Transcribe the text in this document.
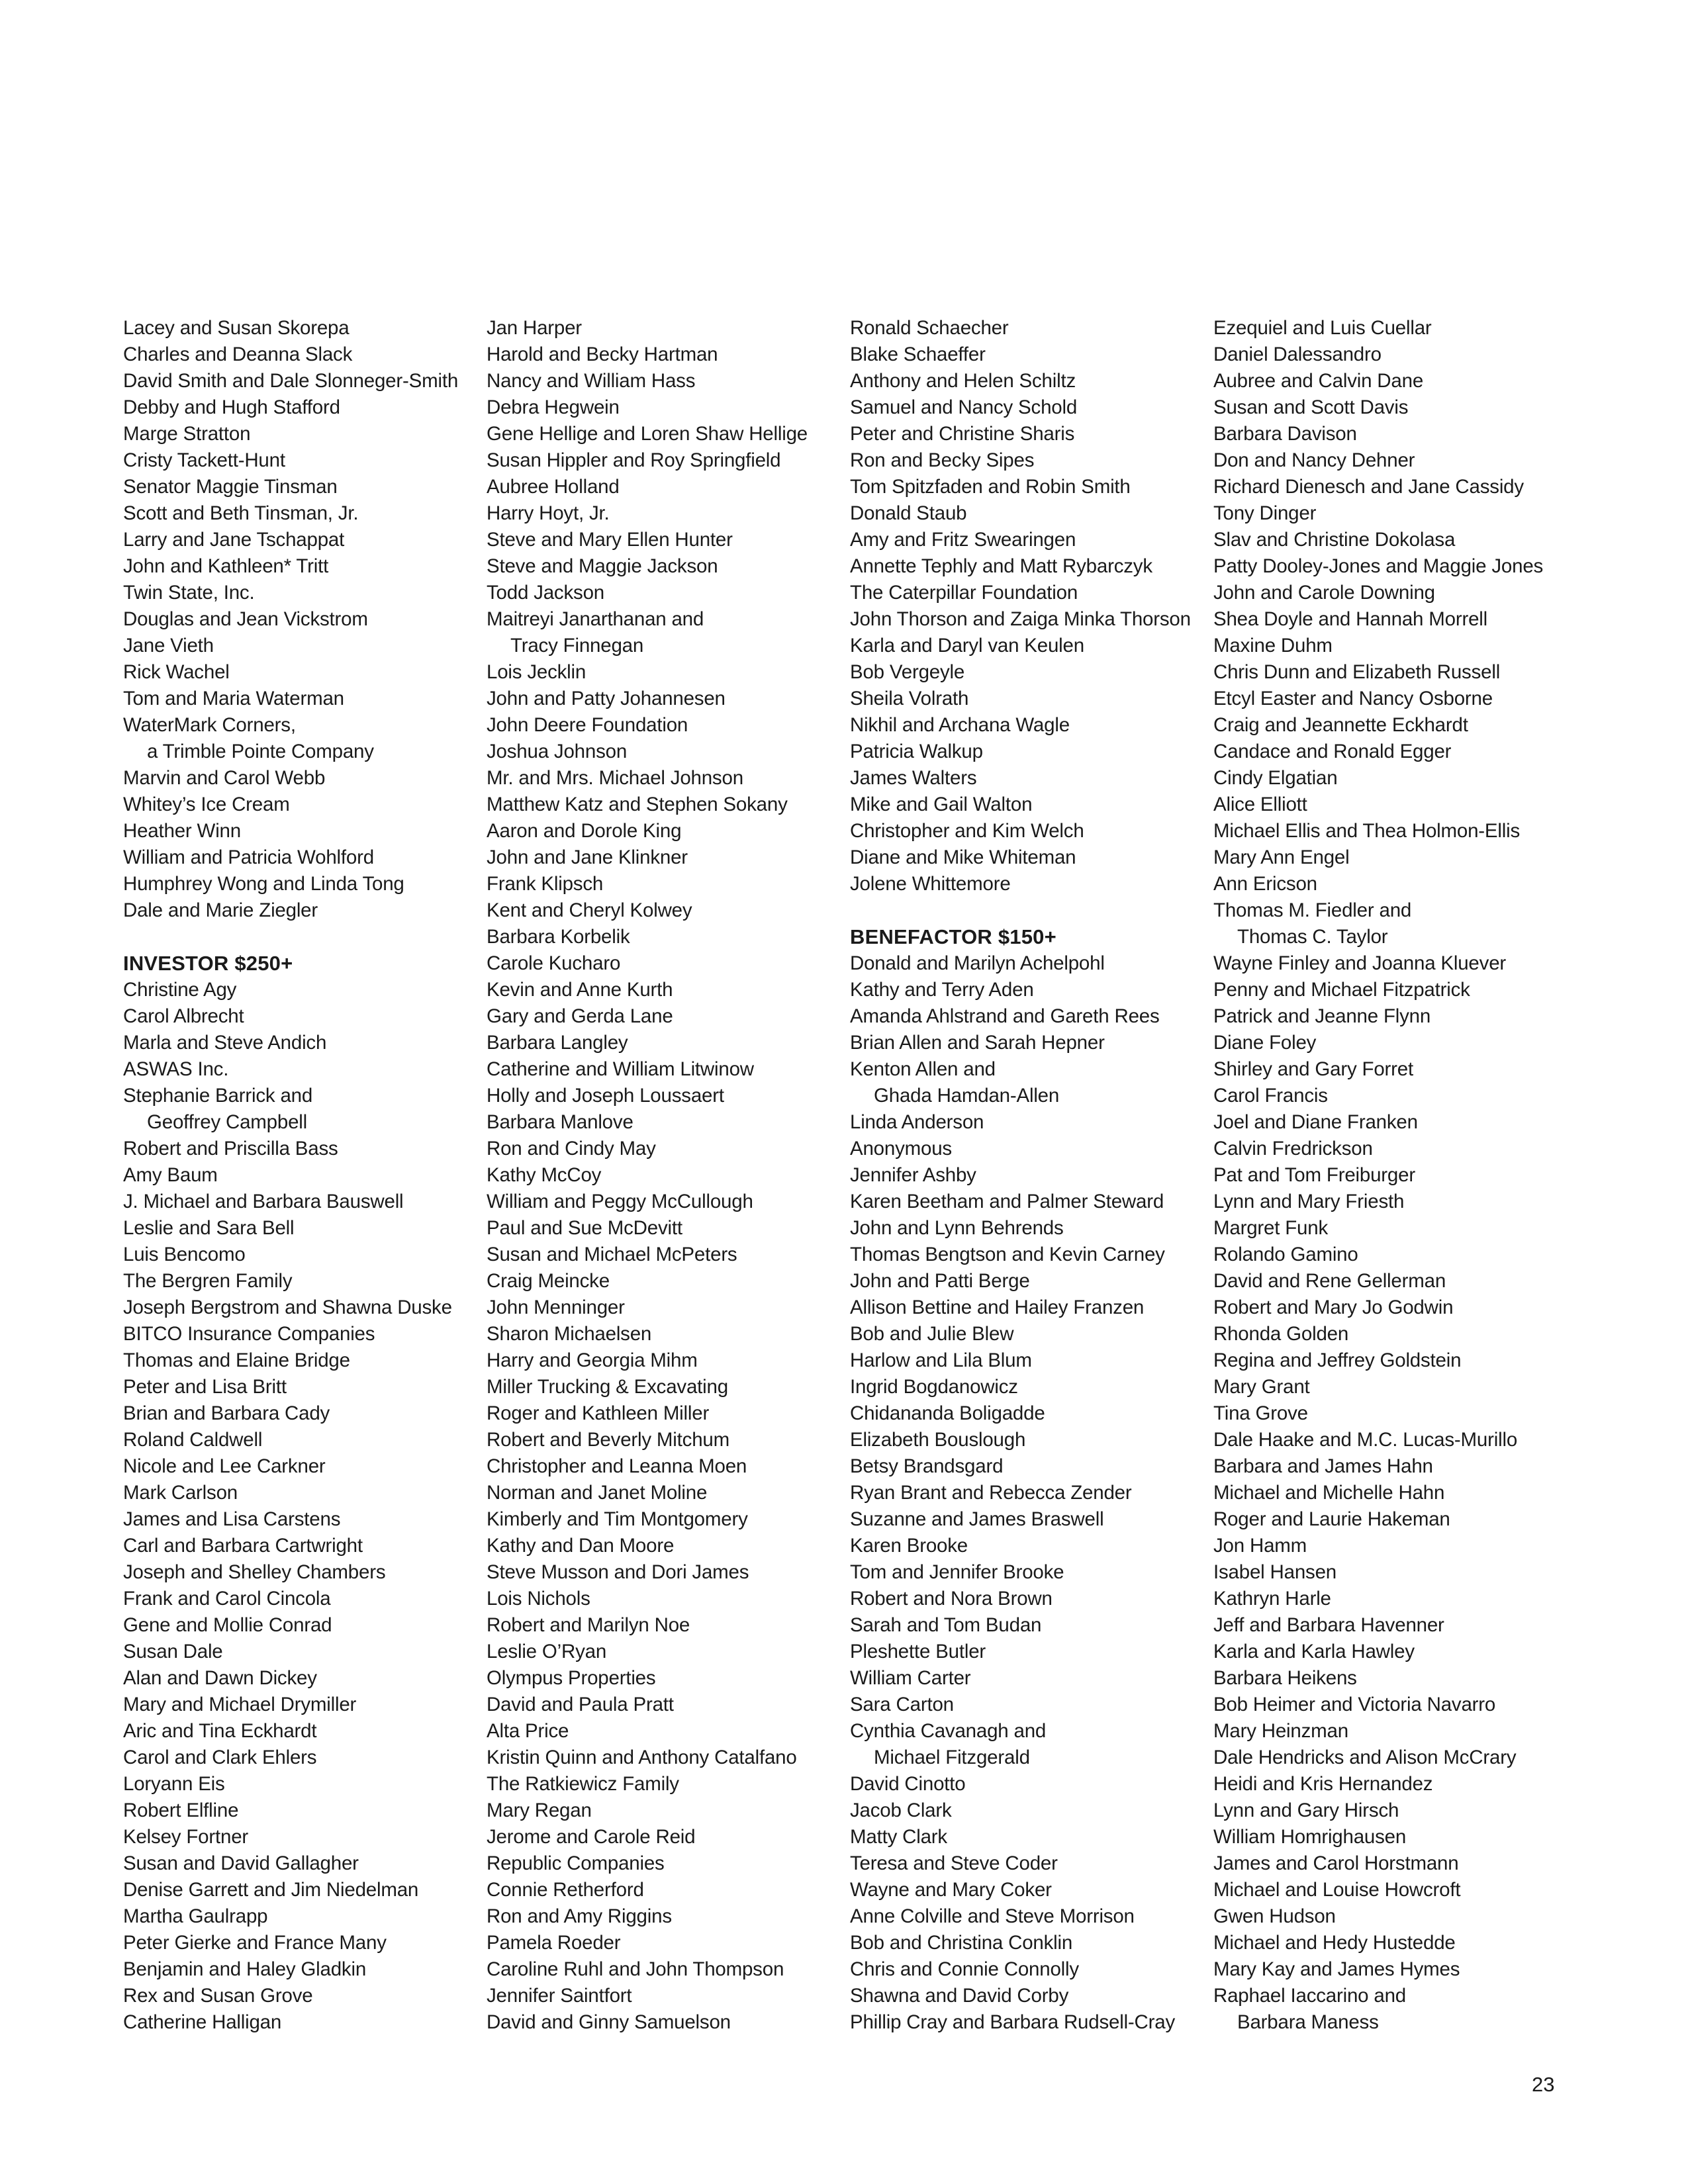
Lacey and Susan Skorepa
Charles and Deanna Slack
David Smith and Dale Slonneger-Smith
Debby and Hugh Stafford
Marge Stratton
Cristy Tackett-Hunt
Senator Maggie Tinsman
Scott and Beth Tinsman, Jr.
Larry and Jane Tschappat
John and Kathleen* Tritt
Twin State, Inc.
Douglas and Jean Vickstrom
Jane Vieth
Rick Wachel
Tom and Maria Waterman
WaterMark Corners,
a Trimble Pointe Company
Marvin and Carol Webb
Whitey’s Ice Cream
Heather Winn
William and Patricia Wohlford
Humphrey Wong and Linda Tong
Dale and Marie Ziegler
INVESTOR $250+
Christine Agy
Carol Albrecht
Marla and Steve Andich
ASWAS Inc.
Stephanie Barrick and
Geoffrey Campbell
Robert and Priscilla Bass
Amy Baum
J. Michael and Barbara Bauswell
Leslie and Sara Bell
Luis Bencomo
The Bergren Family
Joseph Bergstrom and Shawna Duske
BITCO Insurance Companies
Thomas and Elaine Bridge
Peter and Lisa Britt
Brian and Barbara Cady
Roland Caldwell
Nicole and Lee Carkner
Mark Carlson
James and Lisa Carstens
Carl and Barbara Cartwright
Joseph and Shelley Chambers
Frank and Carol Cincola
Gene and Mollie Conrad
Susan Dale
Alan and Dawn Dickey
Mary and Michael Drymiller
Aric and Tina Eckhardt
Carol and Clark Ehlers
Loryann Eis
Robert Elfline
Kelsey Fortner
Susan and David Gallagher
Denise Garrett and Jim Niedelman
Martha Gaulrapp
Peter Gierke and France Many
Benjamin and Haley Gladkin
Rex and Susan Grove
Catherine Halligan
Jan Harper
Harold and Becky Hartman
Nancy and William Hass
Debra Hegwein
Gene Hellige and Loren Shaw Hellige
Susan Hippler and Roy Springfield
Aubree Holland
Harry Hoyt, Jr.
Steve and Mary Ellen Hunter
Steve and Maggie Jackson
Todd Jackson
Maitreyi Janarthanan and
Tracy Finnegan
Lois Jecklin
John and Patty Johannesen
John Deere Foundation
Joshua Johnson
Mr. and Mrs. Michael Johnson
Matthew Katz and Stephen Sokany
Aaron and Dorole King
John and Jane Klinkner
Frank Klipsch
Kent and Cheryl Kolwey
Barbara Korbelik
Carole Kucharo
Kevin and Anne Kurth
Gary and Gerda Lane
Barbara Langley
Catherine and William Litwinow
Holly and Joseph Loussaert
Barbara Manlove
Ron and Cindy May
Kathy McCoy
William and Peggy McCullough
Paul and Sue McDevitt
Susan and Michael McPeters
Craig Meincke
John Menninger
Sharon Michaelsen
Harry and Georgia Mihm
Miller Trucking & Excavating
Roger and Kathleen Miller
Robert and Beverly Mitchum
Christopher and Leanna Moen
Norman and Janet Moline
Kimberly and Tim Montgomery
Kathy and Dan Moore
Steve Musson and Dori James
Lois Nichols
Robert and Marilyn Noe
Leslie O’Ryan
Olympus Properties
David and Paula Pratt
Alta Price
Kristin Quinn and Anthony Catalfano
The Ratkiewicz Family
Mary Regan
Jerome and Carole Reid
Republic Companies
Connie Retherford
Ron and Amy Riggins
Pamela Roeder
Caroline Ruhl and John Thompson
Jennifer Saintfort
David and Ginny Samuelson
Ronald Schaecher
Blake Schaeffer
Anthony and Helen Schiltz
Samuel and Nancy Schold
Peter and Christine Sharis
Ron and Becky Sipes
Tom Spitzfaden and Robin Smith
Donald Staub
Amy and Fritz Swearingen
Annette Tephly and Matt Rybarczyk
The Caterpillar Foundation
John Thorson and Zaiga Minka Thorson
Karla and Daryl van Keulen
Bob Vergeyle
Sheila Volrath
Nikhil and Archana Wagle
Patricia Walkup
James Walters
Mike and Gail Walton
Christopher and Kim Welch
Diane and Mike Whiteman
Jolene Whittemore
BENEFACTOR $150+
Donald and Marilyn Achelpohl
Kathy and Terry Aden
Amanda Ahlstrand and Gareth Rees
Brian Allen and Sarah Hepner
Kenton Allen and
Ghada Hamdan-Allen
Linda Anderson
Anonymous
Jennifer Ashby
Karen Beetham and Palmer Steward
John and Lynn Behrends
Thomas Bengtson and Kevin Carney
John and Patti Berge
Allison Bettine and Hailey Franzen
Bob and Julie Blew
Harlow and Lila Blum
Ingrid Bogdanowicz
Chidananda Boligadde
Elizabeth Bouslough
Betsy Brandsgard
Ryan Brant and Rebecca Zender
Suzanne and James Braswell
Karen Brooke
Tom and Jennifer Brooke
Robert and Nora Brown
Sarah and Tom Budan
Pleshette Butler
William Carter
Sara Carton
Cynthia Cavanagh and
Michael Fitzgerald
David Cinotto
Jacob Clark
Matty Clark
Teresa and Steve Coder
Wayne and Mary Coker
Anne Colville and Steve Morrison
Bob and Christina Conklin
Chris and Connie Connolly
Shawna and David Corby
Phillip Cray and Barbara Rudsell-Cray
Ezequiel and Luis Cuellar
Daniel Dalessandro
Aubree and Calvin Dane
Susan and Scott Davis
Barbara Davison
Don and Nancy Dehner
Richard Dienesch and Jane Cassidy
Tony Dinger
Slav and Christine Dokolasa
Patty Dooley-Jones and Maggie Jones
John and Carole Downing
Shea Doyle and Hannah Morrell
Maxine Duhm
Chris Dunn and Elizabeth Russell
Etcyl Easter and Nancy Osborne
Craig and Jeannette Eckhardt
Candace and Ronald Egger
Cindy Elgatian
Alice Elliott
Michael Ellis and Thea Holmon-Ellis
Mary Ann Engel
Ann Ericson
Thomas M. Fiedler and
Thomas C. Taylor
Wayne Finley and Joanna Kluever
Penny and Michael Fitzpatrick
Patrick and Jeanne Flynn
Diane Foley
Shirley and Gary Forret
Carol Francis
Joel and Diane Franken
Calvin Fredrickson
Pat and Tom Freiburger
Lynn and Mary Friesth
Margret Funk
Rolando Gamino
David and Rene Gellerman
Robert and Mary Jo Godwin
Rhonda Golden
Regina and Jeffrey Goldstein
Mary Grant
Tina Grove
Dale Haake and M.C. Lucas-Murillo
Barbara and James Hahn
Michael and Michelle Hahn
Roger and Laurie Hakeman
Jon Hamm
Isabel Hansen
Kathryn Harle
Jeff and Barbara Havenner
Karla and Karla Hawley
Barbara Heikens
Bob Heimer and Victoria Navarro
Mary Heinzman
Dale Hendricks and Alison McCrary
Heidi and Kris Hernandez
Lynn and Gary Hirsch
William Homrighausen
James and Carol Horstmann
Michael and Louise Howcroft
Gwen Hudson
Michael and Hedy Hustedde
Mary Kay and James Hymes
Raphael Iaccarino and
Barbara Maness
23
